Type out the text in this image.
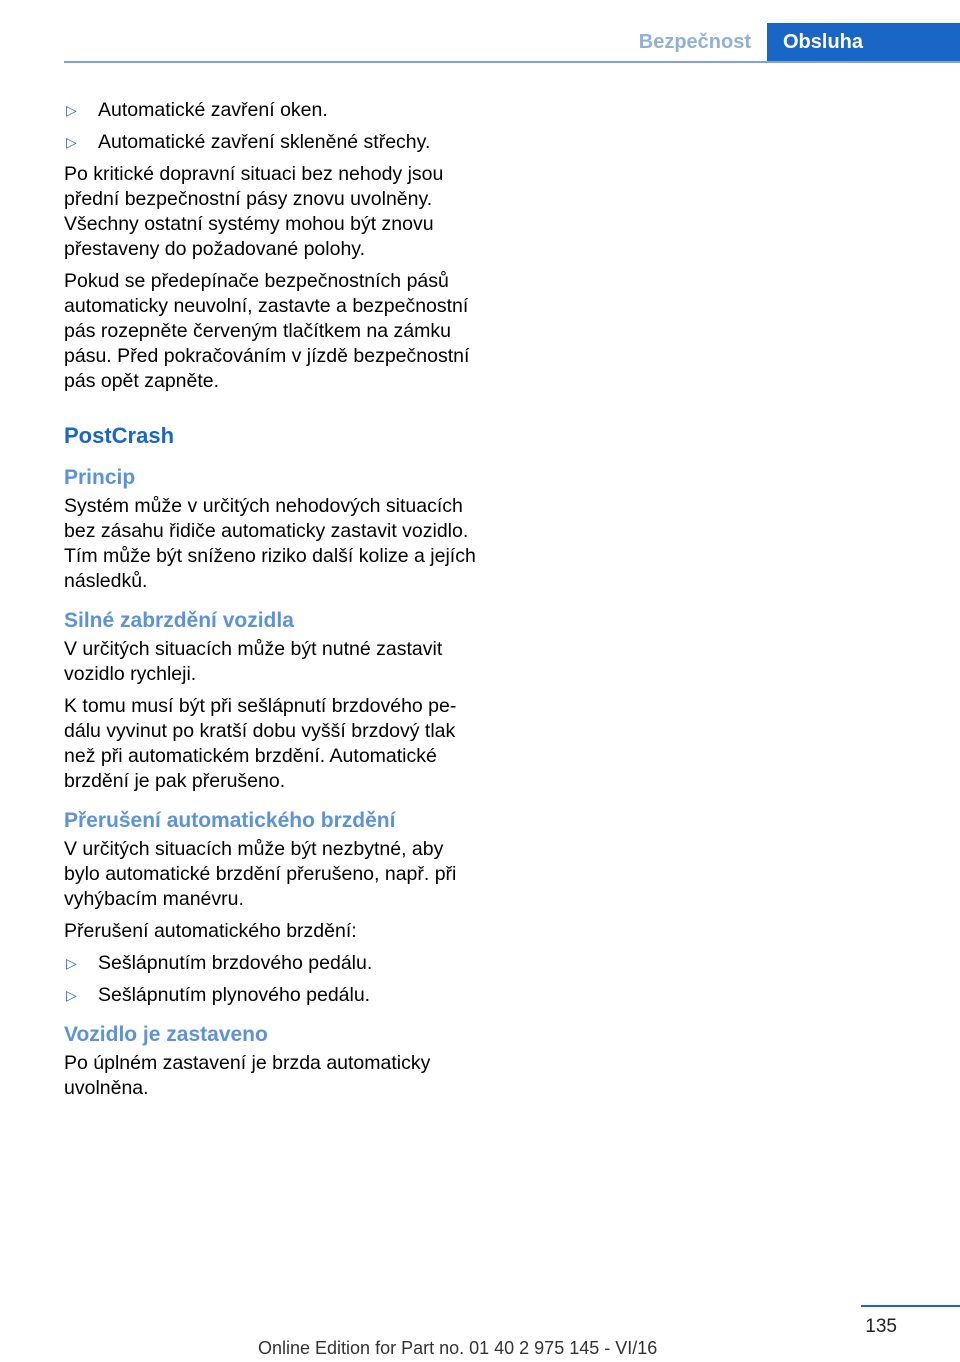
Bezpečnost	Obsluha
▷ Automatické zavření oken.
▷ Automatické zavření skleněné střechy.

Po kritické dopravní situaci bez nehody jsou přední bezpečnostní pásy znovu uvolněny. Všechny ostatní systémy mohou být znovu přestaveny do požadované polohy.

Pokud se předepínače bezpečnostních pásů automaticky neuvolní, zastavte a bezpečnostní pás rozepněte červeným tlačítkem na zámku pásu. Před pokračováním v jízdě bezpečnostní pás opět zapněte.

PostCrash
Princip

Systém může v určitých nehodových situacích bez zásahu řidiče automaticky zastavit vozidlo. Tím může být sníženo riziko další kolize a jejích následků.

Silné zabrzdění vozidla

V určitých situacích může být nutné zastavit vozidlo rychleji.

K tomu musí být při sešlápnutí brzdového pe‐dálu vyvinut po kratší dobu vyšší brzdový tlak než při automatickém brzdění. Automatické brzdění je pak přerušeno.

Přerušení automatického brzdění

V určitých situacích může být nezbytné, aby bylo automatické brzdění přerušeno, např. při vyhýbacím manévru.

Přerušení automatického brzdění:

▷ Sešlápnutím brzdového pedálu.
▷ Sešlápnutím plynového pedálu.
Vozidlo je zastaveno

Po úplném zastavení je brzda automaticky uvolněna.

135
Online Edition for Part no. 01 40 2 975 145 - VI/16
